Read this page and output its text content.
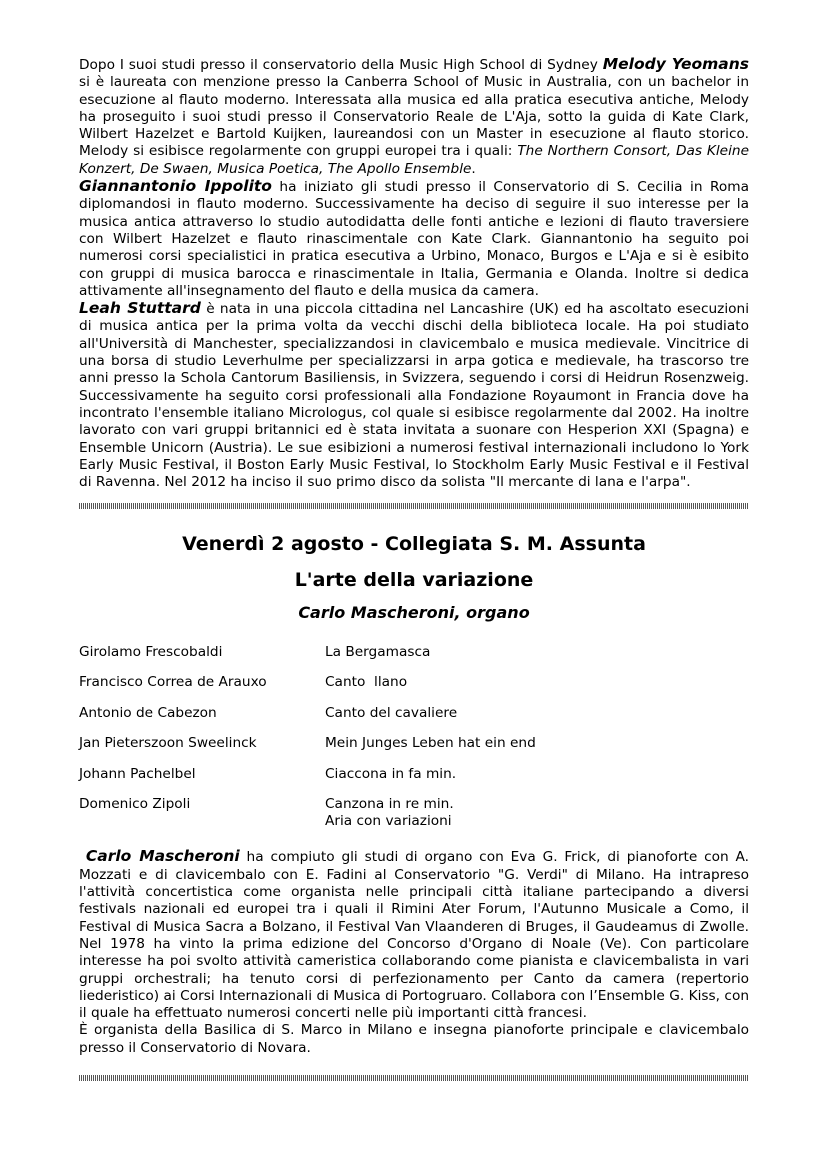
Dopo I suoi studi presso il conservatorio della Music High School di Sydney Melody Yeomans si è laureata con menzione presso la Canberra School of Music in Australia, con un bachelor in esecuzione al flauto moderno. Interessata alla musica ed alla pratica esecutiva antiche, Melody ha proseguito i suoi studi presso il Conservatorio Reale de L'Aja, sotto la guida di Kate Clark, Wilbert Hazelzet e Bartold Kuijken, laureandosi con un Master in esecuzione al flauto storico. Melody si esibisce regolarmente con gruppi europei tra i quali: The Northern Consort, Das Kleine Konzert, De Swaen, Musica Poetica, The Apollo Ensemble.

Giannantonio Ippolito ha iniziato gli studi presso il Conservatorio di S. Cecilia in Roma diplomandosi in flauto moderno. Successivamente ha deciso di seguire il suo interesse per la musica antica attraverso lo studio autodidatta delle fonti antiche e lezioni di flauto traversiere con Wilbert Hazelzet e flauto rinascimentale con Kate Clark. Giannantonio ha seguito poi numerosi corsi specialistici in pratica esecutiva a Urbino, Monaco, Burgos e L'Aja e si è esibito con gruppi di musica barocca e rinascimentale in Italia, Germania e Olanda. Inoltre si dedica attivamente all'insegnamento del flauto e della musica da camera.

Leah Stuttard è nata in una piccola cittadina nel Lancashire (UK) ed ha ascoltato esecuzioni di musica antica per la prima volta da vecchi dischi della biblioteca locale. Ha poi studiato all'Università di Manchester, specializzandosi in clavicembalo e musica medievale. Vincitrice di una borsa di studio Leverhulme per specializzarsi in arpa gotica e medievale, ha trascorso tre anni presso la Schola Cantorum Basiliensis, in Svizzera, seguendo i corsi di Heidrun Rosenzweig. Successivamente ha seguito corsi professionali alla Fondazione Royaumont in Francia dove ha incontrato l'ensemble italiano Micrologus, col quale si esibisce regolarmente dal 2002. Ha inoltre lavorato con vari gruppi britannici ed è stata invitata a suonare con Hesperion XXI (Spagna) e Ensemble Unicorn (Austria). Le sue esibizioni a numerosi festival internazionali includono lo York Early Music Festival, il Boston Early Music Festival, lo Stockholm Early Music Festival e il Festival di Ravenna. Nel 2012 ha inciso il suo primo disco da solista "Il mercante di lana e l'arpa".

Venerdì 2 agosto - Collegiata S. M. Assunta

L'arte della variazione

Carlo Mascheroni, organo

Girolamo Frescobaldi	La Bergamasca
Francisco Correa de Arauxo	Canto  llano
Antonio de Cabezon	Canto del cavaliere
Jan Pieterszoon Sweelinck	Mein Junges Leben hat ein end
Johann Pachelbel	Ciaccona in fa min.
Domenico Zipoli	Canzona in re min.
Aria con variazioni

Carlo Mascheroni ha compiuto gli studi di organo con Eva G. Frick, di pianoforte con A. Mozzati e di clavicembalo con E. Fadini al Conservatorio "G. Verdi" di Milano. Ha intrapreso l'attività concertistica come organista nelle principali città italiane partecipando a diversi festivals nazionali ed europei tra i quali il Rimini Ater Forum, l'Autunno Musicale a Como, il Festival di Musica Sacra a Bolzano, il Festival Van Vlaanderen di Bruges, il Gaudeamus di Zwolle. Nel 1978 ha vinto la prima edizione del Concorso d'Organo di Noale (Ve). Con particolare interesse ha poi svolto attività cameristica collaborando come pianista e clavicembalista in vari gruppi orchestrali; ha tenuto corsi di perfezionamento per Canto da camera (repertorio liederistico) ai Corsi Internazionali di Musica di Portogruaro. Collabora con l’Ensemble G. Kiss, con il quale ha effettuato numerosi concerti nelle più importanti città francesi.
È organista della Basilica di S. Marco in Milano e insegna pianoforte principale e clavicembalo presso il Conservatorio di Novara.
